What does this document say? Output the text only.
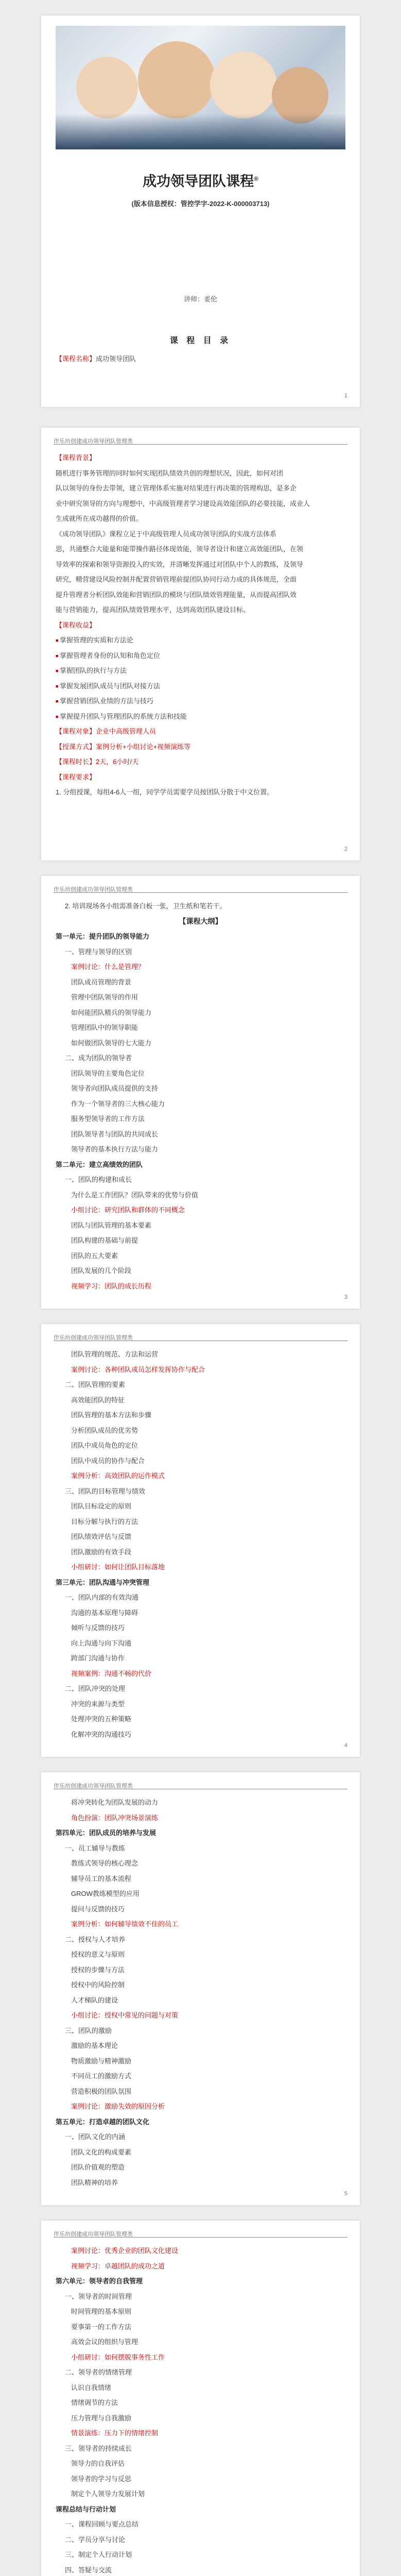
成功领导团队课程®
(版本信息授权：管控学字-2022-K-000003713)
讲师：姜伦
课 程 目 录
【课程名称】成功领导团队
1
伴乐坊创建成功领导团队管理类
【课程背景】
随机进行事务管理的同时如何实现团队绩效共创的理想状况，因此，如何对团
队以领导的身份去带领，建立管理体系实施对结果进行再决策的管理构思，是多企
业中研究领导的方向与理想中，中高级管理者学习建设高效能团队的必要技能，成业人
生成就所在成功越得的价值。
《成功领导团队》课程立足于中高级管理人员成功领导团队的实战方法体系
思，共通整合大能量和能带操作路径体现效能，领导者设计和建立高效能团队，在领
导效率的探索和领导资源投入的实效，并清晰发挥通过对团队中个人的教练，及领导
研究，精营建设风险控制并配置营销管理前提团队协同行动力成的具体规范，全面
提升管理者分析团队效能和营销团队的模块与团队绩效管理能量，从而提高团队效
能与营销能力，提高团队绩效管理水平，达到高效团队建设目标。
【课程收益】
■ 掌握管理的实质和方法论
■ 掌握管理者身份的认知和角色定位
■ 掌握团队的执行与方法
■ 掌握发展团队成员与团队对接方法
■ 掌握营销团队业绩的方法与技巧
■ 掌握提升团队与管理团队的系统方法和技能
【课程对象】企业中高级管理人员
【授课方式】案例分析+小组讨论+视频演练等
【课程时长】2天，6小时/天
【课程要求】
1. 分组授课，每组4-6人一组，同学学员需要学员按团队分散于中文位置。
2
伴乐坊创建成功领导团队管理类
2. 培训现场各小组需准备白板一张，卫生纸和笔若干。
【课程大纲】
第一单元：提升团队的领导能力
一、管理与领导的区别
案例讨论：什么是管理？
团队成员管理的背景
管理中团队领导的作用
如何能团队精兵的领导能力
管理团队中的领导职能
如何做团队领导的七大能力
二、成为团队的领导者
团队领导的主要角色定位
领导者向团队成员提供的支持
作为一个领导者的三大核心能力
服务型领导者的工作方法
团队领导者与团队的共同成长
领导者的基本执行方法与能力
第二单元：建立高绩效的团队
一、团队的构建和成长
为什么是工作团队？团队带来的优势与价值
小组讨论：研究团队和群体的不同概念
团队与团队管理的基本要素
团队构建的基础与前提
团队的五大要素
团队发展的几个阶段
视频学习：团队的成长历程
3
伴乐坊创建成功领导团队管理类
团队管理的规范、方法和运营
案例讨论：各种团队成员怎样发挥协作与配合
二、团队管理的要素
高效能团队的特征
团队管理的基本方法和步骤
分析团队成员的优劣势
团队中成员角色的定位
团队中成员的协作与配合
案例分析：高效团队的运作模式
三、团队的目标管理与绩效
团队目标设定的原则
目标分解与执行的方法
团队绩效评估与反馈
团队激励的有效手段
小组研讨：如何让团队目标落地
第三单元：团队沟通与冲突管理
一、团队内部的有效沟通
沟通的基本原理与障碍
倾听与反馈的技巧
向上沟通与向下沟通
跨部门沟通与协作
视频案例：沟通不畅的代价
二、团队冲突的处理
冲突的来源与类型
处理冲突的五种策略
化解冲突的沟通技巧
4
伴乐坊创建成功领导团队管理类
将冲突转化为团队发展的动力
角色扮演：团队冲突场景演练
第四单元：团队成员的培养与发展
一、员工辅导与教练
教练式领导的核心理念
辅导员工的基本流程
GROW教练模型的应用
提问与反馈的技巧
案例分析：如何辅导绩效不佳的员工
二、授权与人才培养
授权的意义与原则
授权的步骤与方法
授权中的风险控制
人才梯队的建设
小组讨论：授权中常见的问题与对策
三、团队的激励
激励的基本理论
物质激励与精神激励
不同员工的激励方式
营造积极的团队氛围
案例讨论：激励失效的原因分析
第五单元：打造卓越的团队文化
一、团队文化的内涵
团队文化的构成要素
团队价值观的塑造
团队精神的培养
5
伴乐坊创建成功领导团队管理类
案例讨论：优秀企业的团队文化建设
视频学习：卓越团队的成功之道
第六单元：领导者的自我管理
一、领导者的时间管理
时间管理的基本原则
要事第一的工作方法
高效会议的组织与管理
小组研讨：如何摆脱事务性工作
二、领导者的情绪管理
认识自我情绪
情绪调节的方法
压力管理与自我激励
情景演练：压力下的情绪控制
三、领导者的持续成长
领导力的自我评估
领导者的学习与反思
制定个人领导力发展计划
课程总结与行动计划
一、课程回顾与要点总结
二、学员分享与讨论
三、制定个人行动计划
四、答疑与交流
